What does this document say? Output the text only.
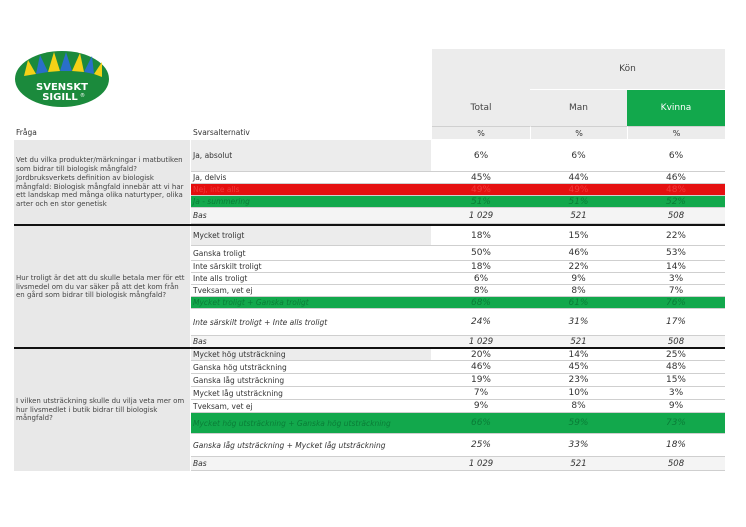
SVENSKT
SIGILL ®
Kön
Total	Man	Kvinna
Fråga	Svarsalternativ	%	%	%
Vet du vilka produkter/märkningar i matbutiken som bidrar till biologisk mångfald? Jordbruksverkets definition av biologisk mångfald: Biologisk mångfald innebär att vi har ett landskap med många olika naturtyper, olika arter och en stor genetisk
Ja, absolut	6%	6%	6%
Ja, delvis	45%	44%	46%
Nej, inte alls	49%	49%	48%
Ja - summering	51%	51%	52%
Bas	1 029	521	508
Hur troligt är det att du skulle betala mer för ett livsmedel om du var säker på att det kom från en gård som bidrar till biologisk mångfald?
Mycket troligt	18%	15%	22%
Ganska troligt	50%	46%	53%
Inte särskilt troligt	18%	22%	14%
Inte alls troligt	6%	9%	3%
Tveksam, vet ej	8%	8%	7%
Mycket troligt + Ganska troligt	68%	61%	76%
Inte särskilt troligt + Inte alls troligt	24%	31%	17%
Bas	1 029	521	508
I vilken utsträckning skulle du vilja veta mer om hur livsmedlet i butik bidrar till biologisk mångfald?
Mycket hög utsträckning	20%	14%	25%
Ganska hög utsträckning	46%	45%	48%
Ganska låg utsträckning	19%	23%	15%
Mycket låg utsträckning	7%	10%	3%
Tveksam, vet ej	9%	8%	9%
Mycket hög utsträckning + Ganska hög utsträckning	66%	59%	73%
Ganska låg utsträckning + Mycket låg utsträckning	25%	33%	18%
Bas	1 029	521	508
